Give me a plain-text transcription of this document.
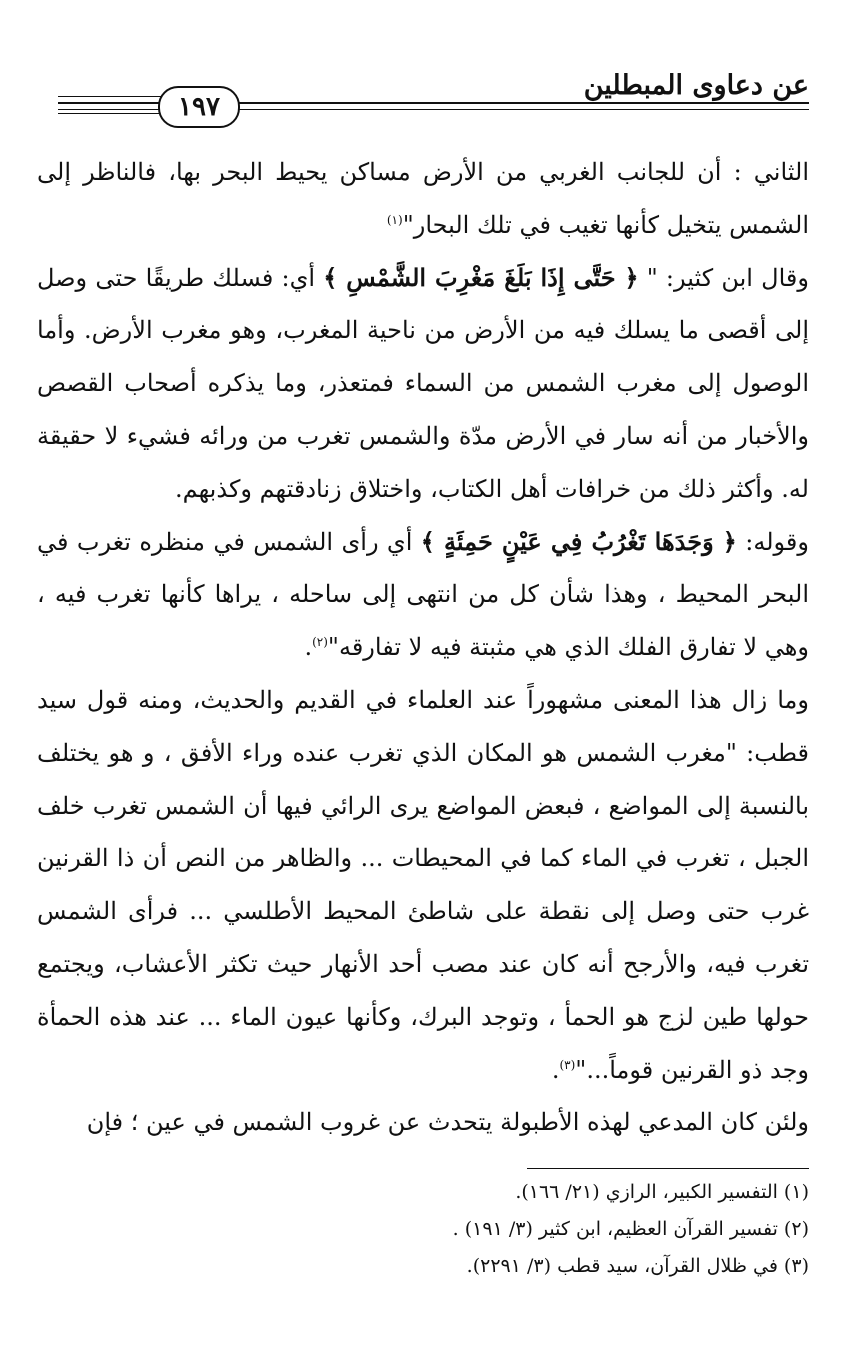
عن دعاوى المبطلين
١٩٧

الثاني : أن للجانب الغربي من الأرض مساكن يحيط البحر بها، فالناظر إلى الشمس يتخيل كأنها تغيب في تلك البحار"$^{(١)}$

وقال ابن كثير: " ﴿ حَتَّى إِذَا بَلَغَ مَغْرِبَ الشَّمْسِ ﴾ أي: فسلك طريقًا حتى وصل إلى أقصى ما يسلك فيه من الأرض من ناحية المغرب، وهو مغرب الأرض. وأما الوصول إلى مغرب الشمس من السماء فمتعذر، وما يذكره أصحاب القصص والأخبار من أنه سار في الأرض مدّة والشمس تغرب من ورائه فشيء لا حقيقة له. وأكثر ذلك من خرافات أهل الكتاب، واختلاق زنادقتهم وكذبهم.

وقوله: ﴿ وَجَدَهَا تَغْرُبُ فِي عَيْنٍ حَمِئَةٍ ﴾ أي رأى الشمس في منظره تغرب في البحر المحيط ، وهذا شأن كل من انتهى إلى ساحله ، يراها كأنها تغرب فيه ، وهي لا تفارق الفلك الذي هي مثبتة فيه لا تفارقه"$^{(٢)}$.

وما زال هذا المعنى مشهوراً عند العلماء في القديم والحديث، ومنه قول سيد قطب: "مغرب الشمس هو المكان الذي تغرب عنده وراء الأفق ، و هو يختلف بالنسبة إلى المواضع ، فبعض المواضع يرى الرائي فيها أن الشمس تغرب خلف الجبل ، تغرب في الماء كما في المحيطات ... والظاهر من النص أن ذا القرنين غرب حتى وصل إلى نقطة على شاطئ المحيط الأطلسي ... فرأى الشمس تغرب فيه، والأرجح أنه كان عند مصب أحد الأنهار حيث تكثر الأعشاب، ويجتمع حولها طين لزج هو الحمأ ، وتوجد البرك، وكأنها عيون الماء ... عند هذه الحمأة وجد ذو القرنين قوماً..."$^{(٣)}$.

ولئن كان المدعي لهذه الأطبولة يتحدث عن غروب الشمس في عين ؛ فإن

(١) التفسير الكبير، الرازي (٢١/ ١٦٦).
(٢) تفسير القرآن العظيم، ابن كثير (٣/ ١٩١) .
(٣) في ظلال القرآن، سيد قطب (٣/ ٢٢٩١).
